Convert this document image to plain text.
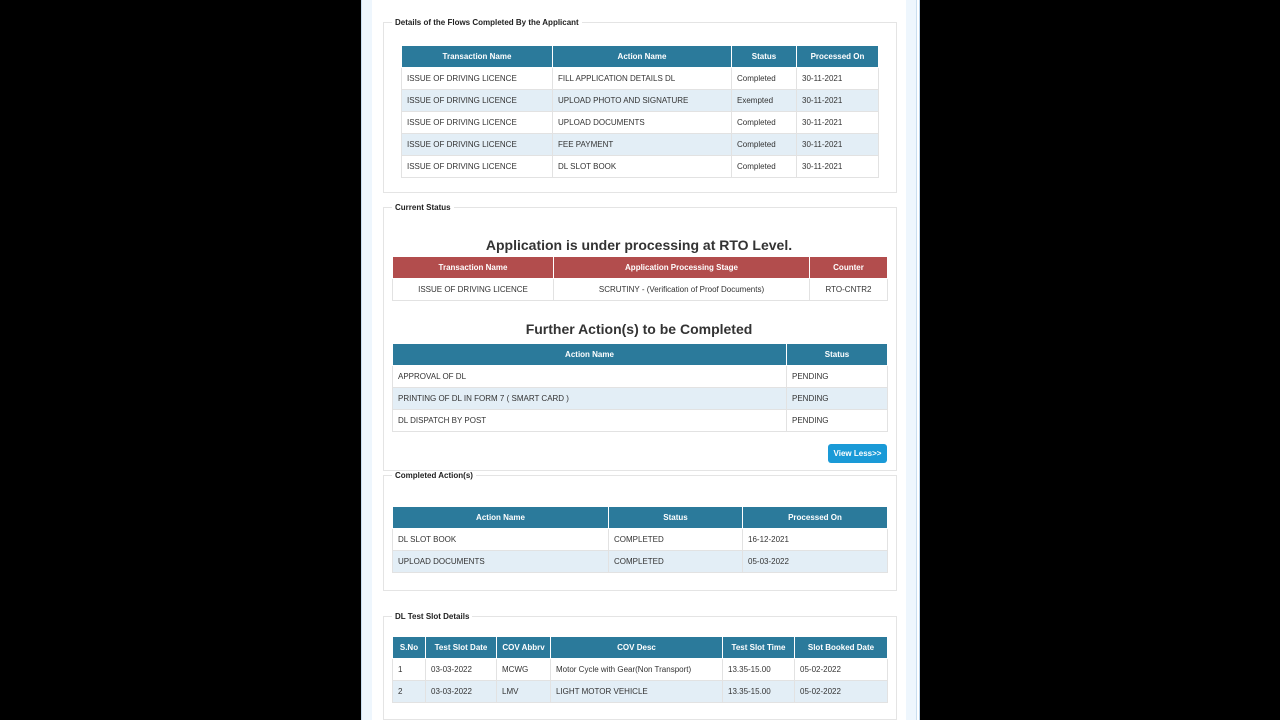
Details of the Flows Completed By the Applicant
Transaction Name	Action Name	Status	Processed On
ISSUE OF DRIVING LICENCE	FILL APPLICATION DETAILS DL	Completed	30-11-2021
ISSUE OF DRIVING LICENCE	UPLOAD PHOTO AND SIGNATURE	Exempted	30-11-2021
ISSUE OF DRIVING LICENCE	UPLOAD DOCUMENTS	Completed	30-11-2021
ISSUE OF DRIVING LICENCE	FEE PAYMENT	Completed	30-11-2021
ISSUE OF DRIVING LICENCE	DL SLOT BOOK	Completed	30-11-2021
Current Status
Application is under processing at RTO Level.
Transaction Name	Application Processing Stage	Counter
ISSUE OF DRIVING LICENCE	SCRUTINY - (Verification of Proof Documents)	RTO-CNTR2
Further Action(s) to be Completed
Action Name	Status
APPROVAL OF DL	PENDING
PRINTING OF DL IN FORM 7 ( SMART CARD )	PENDING
DL DISPATCH BY POST	PENDING
View Less>>
Completed Action(s)
Action Name	Status	Processed On
DL SLOT BOOK	COMPLETED	16-12-2021
UPLOAD DOCUMENTS	COMPLETED	05-03-2022
DL Test Slot Details
S.No	Test Slot Date	COV Abbrv	COV Desc	Test Slot Time	Slot Booked Date
1	03-03-2022	MCWG	Motor Cycle with Gear(Non Transport)	13.35-15.00	05-02-2022
2	03-03-2022	LMV	LIGHT MOTOR VEHICLE	13.35-15.00	05-02-2022
